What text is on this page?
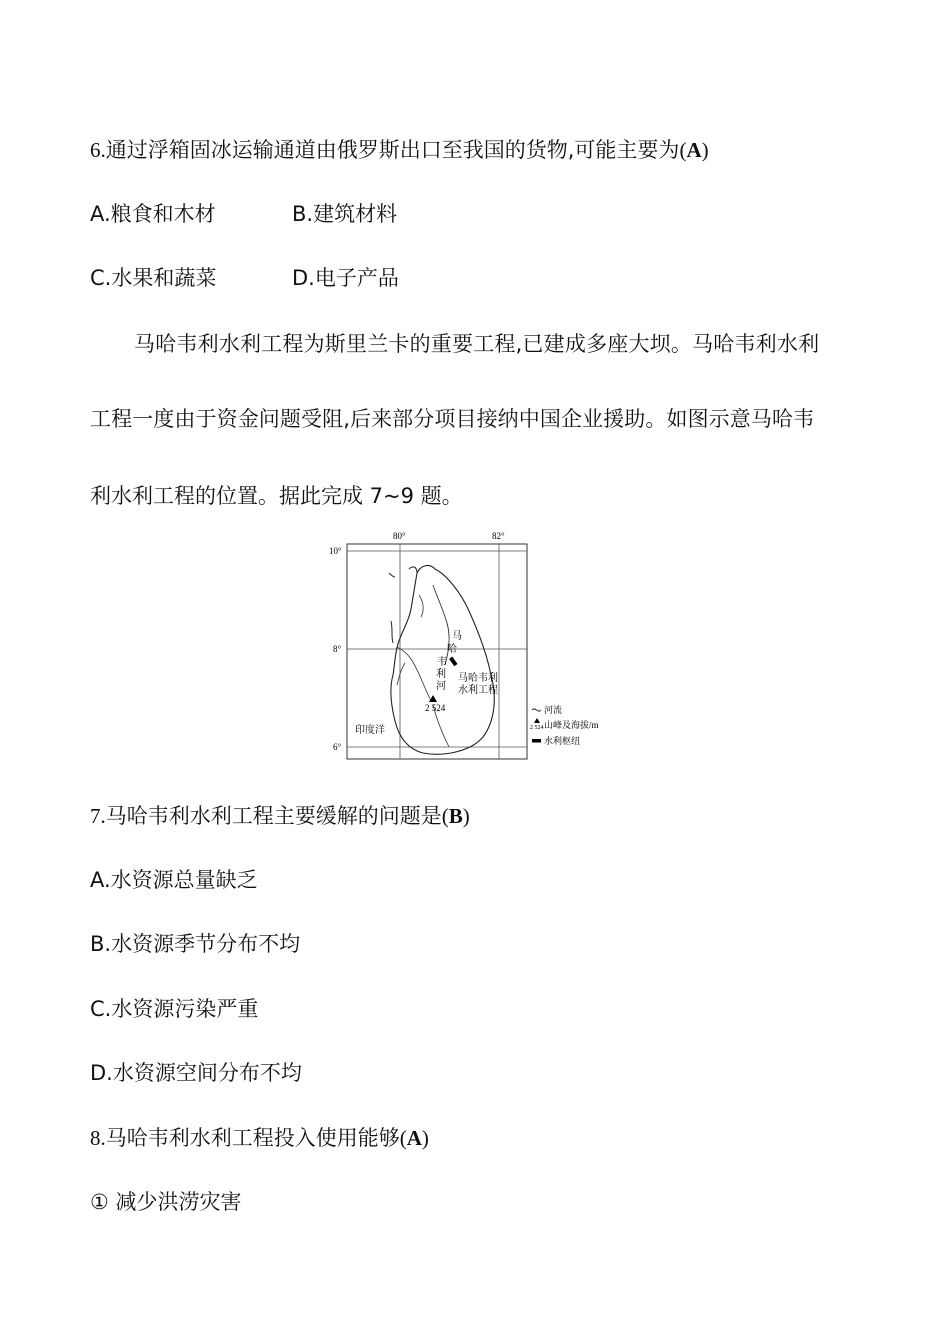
6.通过浮箱固冰运输通道由俄罗斯出口至我国的货物,可能主要为(A)
A.粮食和木材	B.建筑材料
C.水果和蔬菜	D.电子产品
马哈韦利水利工程为斯里兰卡的重要工程,已建成多座大坝。马哈韦利水利
工程一度由于资金问题受阻,后来部分项目接纳中国企业援助。如图示意马哈韦
利水利工程的位置。据此完成 7~9 题。
80°	82°
10°
8°
6°
马
哈
韦
利
河
马哈韦利
水利工程
2 524
印度洋
河流
2 524 山峰及海拔/m
水利枢纽
7.马哈韦利水利工程主要缓解的问题是(B)
A.水资源总量缺乏
B.水资源季节分布不均
C.水资源污染严重
D.水资源空间分布不均
8.马哈韦利水利工程投入使用能够(A)
① 减少洪涝灾害
